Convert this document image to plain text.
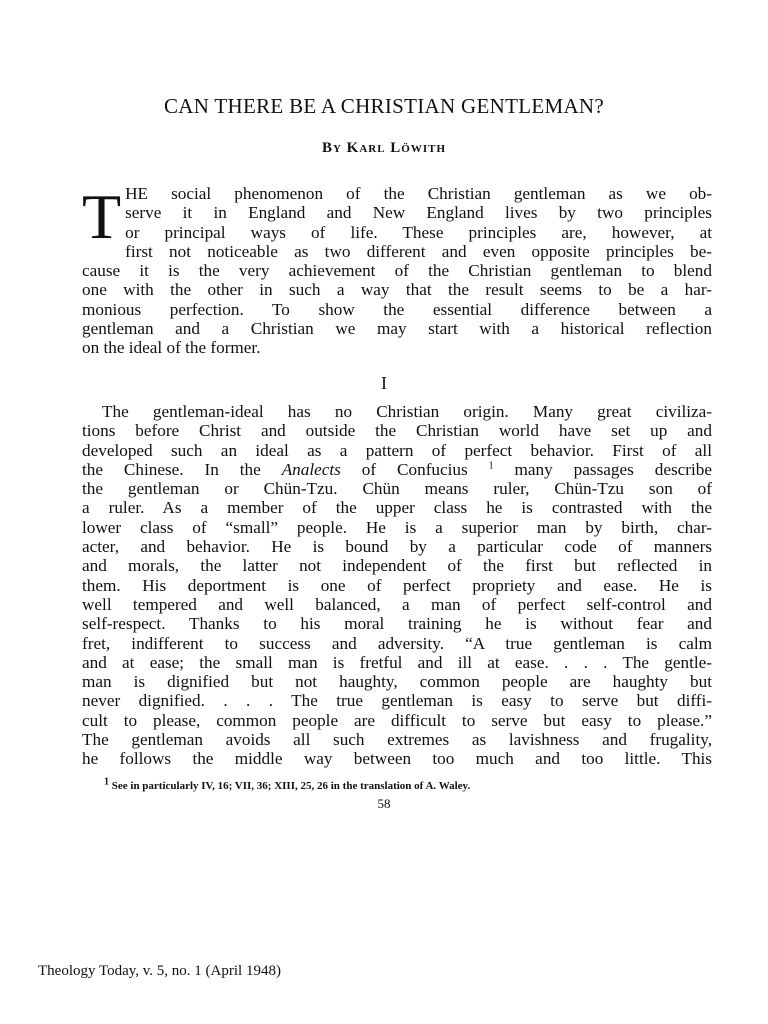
CAN THERE BE A CHRISTIAN GENTLEMAN?

By Karl Löwith

T HE social phenomenon of the Christian gentleman as we ob-
serve it in England and New England lives by two principles
or principal ways of life. These principles are, however, at
first not noticeable as two different and even opposite principles be-
cause it is the very achievement of the Christian gentleman to blend
one with the other in such a way that the result seems to be a har-
monious perfection. To show the essential difference between a
gentleman and a Christian we may start with a historical reflection
on the ideal of the former.

I

The gentleman-ideal has no Christian origin. Many great civiliza-
tions before Christ and outside the Christian world have set up and
developed such an ideal as a pattern of perfect behavior. First of all
the Chinese. In the Analects of Confucius $^1$ many passages describe
the gentleman or Chün-Tzu. Chün means ruler, Chün-Tzu son of
a ruler. As a member of the upper class he is contrasted with the
lower class of “small” people. He is a superior man by birth, char-
acter, and behavior. He is bound by a particular code of manners
and morals, the latter not independent of the first but reflected in
them. His deportment is one of perfect propriety and ease. He is
well tempered and well balanced, a man of perfect self-control and
self-respect. Thanks to his moral training he is without fear and
fret, indifferent to success and adversity. “A true gentleman is calm
and at ease; the small man is fretful and ill at ease. . . . The gentle-
man is dignified but not haughty, common people are haughty but
never dignified. . . . The true gentleman is easy to serve but diffi-
cult to please, common people are difficult to serve but easy to please.”
The gentleman avoids all such extremes as lavishness and frugality,
he follows the middle way between too much and too little. This

$^1$ See in particularly IV, 16; VII, 36; XIII, 25, 26 in the translation of A. Waley.

58

Theology Today, v. 5, no. 1 (April 1948)
